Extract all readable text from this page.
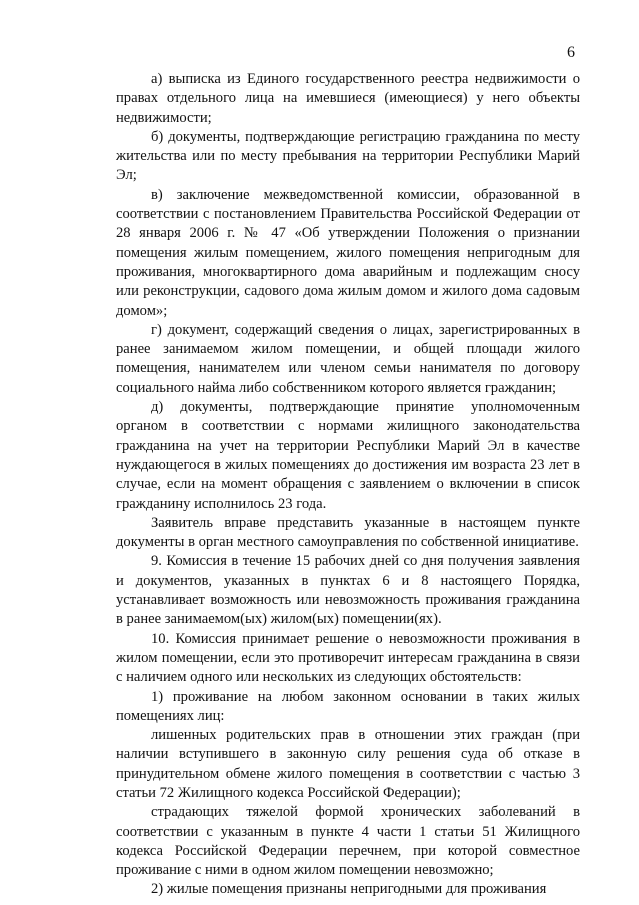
6

а) выписка из Единого государственного реестра недвижимости о правах отдельного лица на имевшиеся (имеющиеся) у него объекты недвижимости;

б) документы, подтверждающие регистрацию гражданина по месту жительства или по месту пребывания на территории Республики Марий Эл;

в) заключение межведомственной комиссии, образованной в соответствии с постановлением Правительства Российской Федерации от 28 января 2006 г. № 47 «Об утверждении Положения о признании помещения жилым помещением, жилого помещения непригодным для проживания, многоквартирного дома аварийным и подлежащим сносу или реконструкции, садового дома жилым домом и жилого дома садовым домом»;

г) документ, содержащий сведения о лицах, зарегистрированных в ранее занимаемом жилом помещении, и общей площади жилого помещения, нанимателем или членом семьи нанимателя по договору социального найма либо собственником которого является гражданин;

д) документы, подтверждающие принятие уполномоченным органом в соответствии с нормами жилищного законодательства гражданина на учет на территории Республики Марий Эл в качестве нуждающегося в жилых помещениях до достижения им возраста 23 лет в случае, если на момент обращения с заявлением о включении в список гражданину исполнилось 23 года.

Заявитель вправе представить указанные в настоящем пункте документы в орган местного самоуправления по собственной инициативе.

9. Комиссия в течение 15 рабочих дней со дня получения заявления и документов, указанных в пунктах 6 и 8 настоящего Порядка, устанавливает возможность или невозможность проживания гражданина в ранее занимаемом(ых) жилом(ых) помещении(ях).

10. Комиссия принимает решение о невозможности проживания в жилом помещении, если это противоречит интересам гражданина в связи с наличием одного или нескольких из следующих обстоятельств:

1) проживание на любом законном основании в таких жилых помещениях лиц:

лишенных родительских прав в отношении этих граждан (при наличии вступившего в законную силу решения суда об отказе в принудительном обмене жилого помещения в соответствии с частью 3 статьи 72 Жилищного кодекса Российской Федерации);

страдающих тяжелой формой хронических заболеваний в соответствии с указанным в пункте 4 части 1 статьи 51 Жилищного кодекса Российской Федерации перечнем, при которой совместное проживание с ними в одном жилом помещении невозможно;

2) жилые помещения признаны непригодными для проживания
